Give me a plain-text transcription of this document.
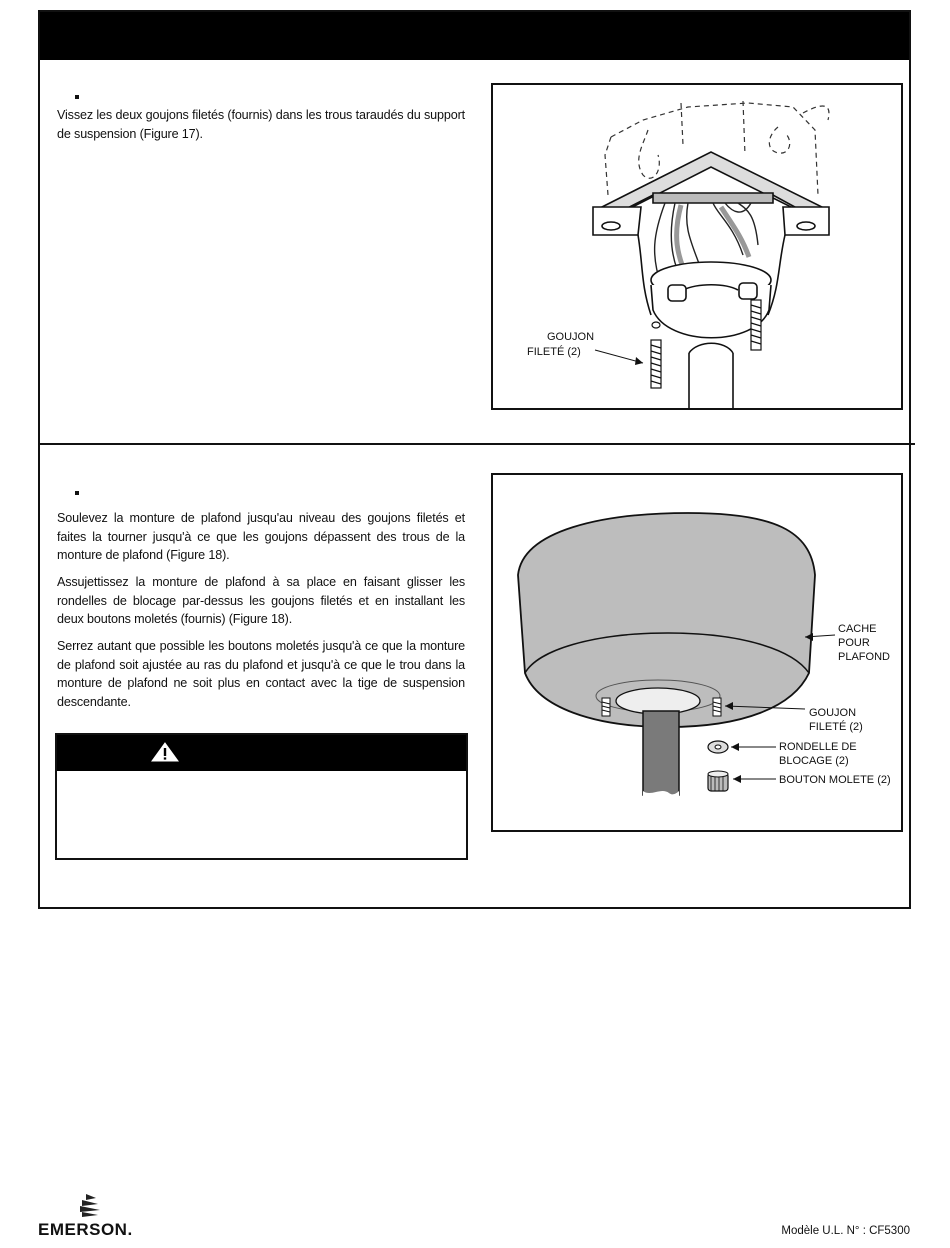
Vissez les deux goujons filetés (fournis) dans les trous taraudés du support de suspension (Figure 17).

GOUJON
FILETÉ (2)

Soulevez la monture de plafond jusqu'au niveau des goujons filetés et faites la tourner jusqu'à ce que les goujons dépassent des trous de la monture de plafond (Figure 18).

Assujettissez la monture de plafond à sa place en faisant glisser les rondelles de blocage par-dessus les goujons filetés et en installant les deux boutons moletés (fournis) (Figure 18).

Serrez autant que possible les boutons moletés jusqu'à ce que la monture de plafond soit ajustée au ras du plafond et jusqu'à ce que le trou dans la monture de plafond ne soit plus en contact avec la tige de suspension descendante.

CACHE
POUR
PLAFOND
GOUJON
FILETÉ (2)
RONDELLE DE
BLOCAGE (2)
BOUTON MOLETE (2)
EMERSON.	Modèle U.L. N° : CF5300
